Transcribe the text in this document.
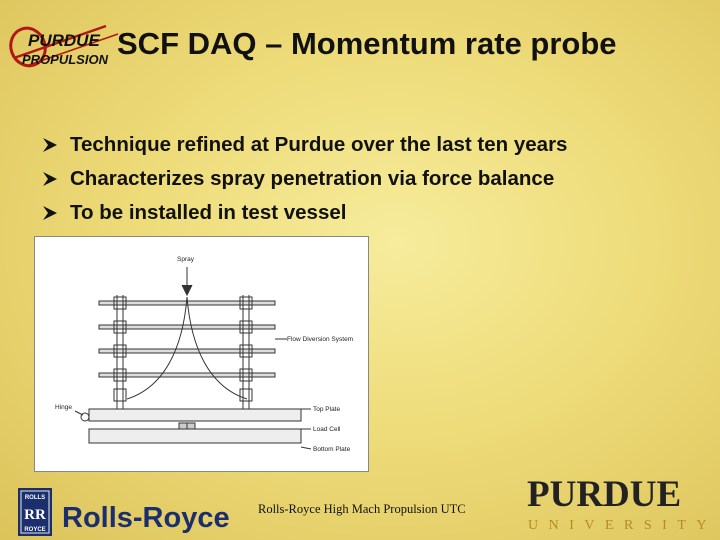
PURDUE
PROPULSION SCF DAQ – Momentum rate probe
Technique refined at Purdue over the last ten years
Characterizes spray penetration via force balance
To be installed in test vessel
Spray
Flow Diversion System
Hinge	Top Plate
Load Cell
Bottom Plate
ROLLS
RR
ROYCE Rolls-Royce Rolls-Royce High Mach Propulsion UTC PURDUE
UNIVERSITY
